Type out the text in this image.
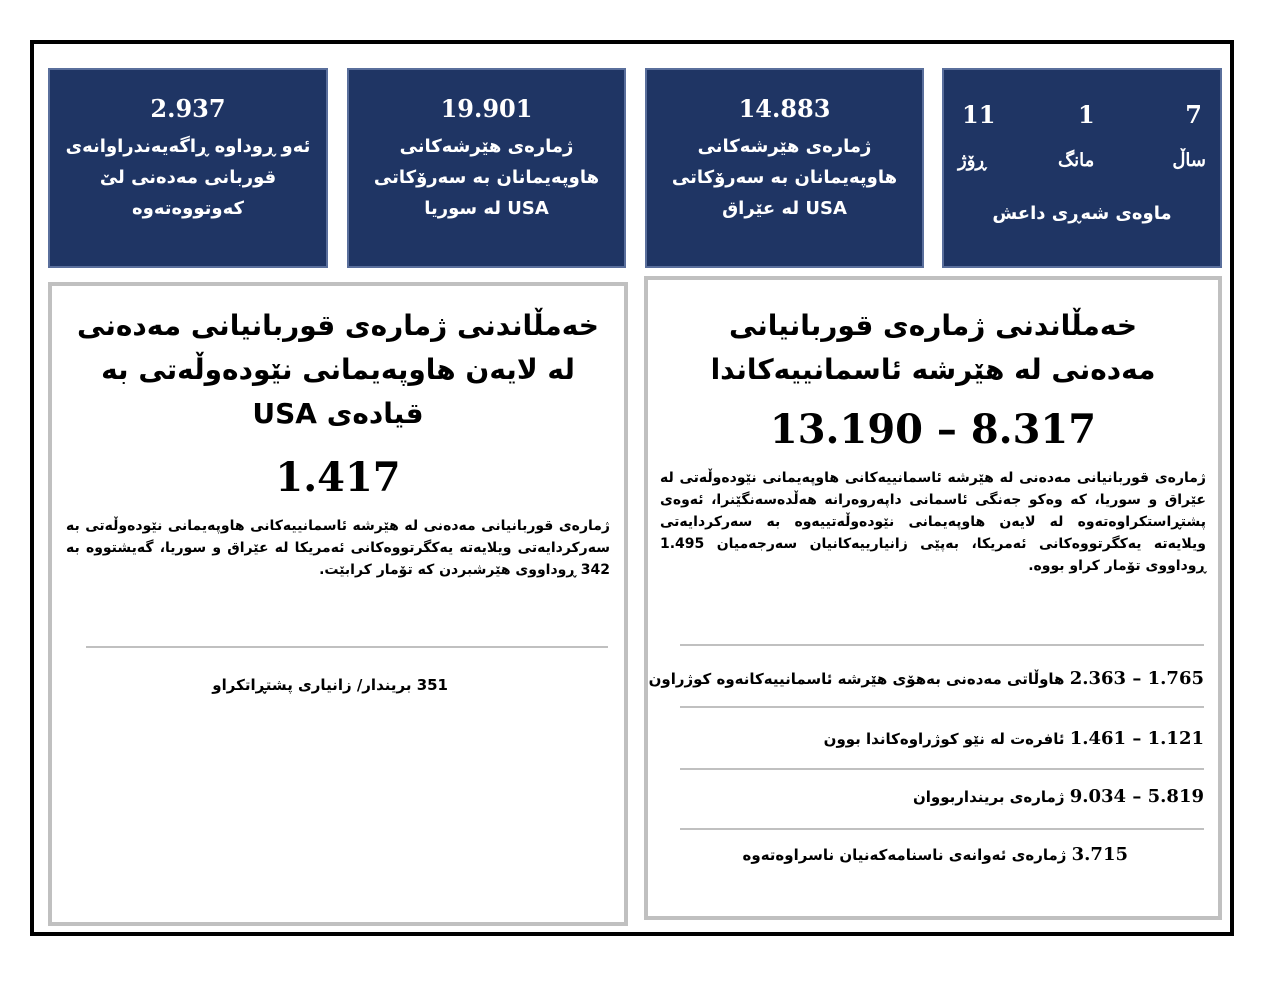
2.937
ئەو ڕوداوە ڕاگەیەندراوانەی قوربانی مەدەنی لێ کەوتووەتەوە
19.901
ژمارەی هێرشەکانی هاوپەیمانان بە سەرۆکاتی USA لە سوریا
14.883
ژمارەی هێرشەکانی هاوپەیمانان بە سەرۆکاتی USA لە عێراق
11	1	7
ڕۆژ	مانگ	ساڵ
ماوەی شەڕی داعش
خەمڵاندنی ژمارەی قوربانیانی مەدەنی لە لایەن هاوپەیمانی نێودەوڵەتی بە قیادەی USA
1.417
ژمارەی قوربانیانی مەدەنی لە هێرشە ئاسمانییەکانی هاوپەیمانی نێودەوڵەتی بە سەرکردایەتی ویلایەتە یەکگرتووەکانی ئەمریکا لە عێراق و سوریا، گەیشتووە بە 342 ڕوداووی هێرشبردن کە تۆمار کرابێت.
351 بریندار/ زانیاری پشتڕاتکراو
خەمڵاندنی ژمارەی قوربانیانی مەدەنی لە هێرشە ئاسمانییەکاندا
13.190 – 8.317
ژمارەی قوربانیانی مەدەنی لە هێرشە ئاسمانییەکانی هاوپەیمانی نێودەوڵەتی لە عێراق و سوریا، کە وەکو جەنگی ئاسمانی داپەروەرانە هەڵدەسەنگێنرا، ئەوەی پشتڕاستکراوەتەوە لە لایەن هاوپەیمانی نێودەوڵەتییەوە بە سەرکردایەتی ویلایەتە یەکگرتووەکانی ئەمریکا، بەپێی زانیارییەکانیان سەرجەمیان 1.495 ڕوداووی تۆمار کراو بووە.
1.765 – 2.363 هاوڵاتی مەدەنی بەهۆی هێرشە ئاسمانییەکانەوە کوژراون
1.121 – 1.461 ئافرەت لە نێو کوژراوەکاندا بوون
5.819 – 9.034 ژمارەی برینداربووان
3.715 ژمارەی ئەوانەی ناسنامەکەنیان ناسراوەتەوە
